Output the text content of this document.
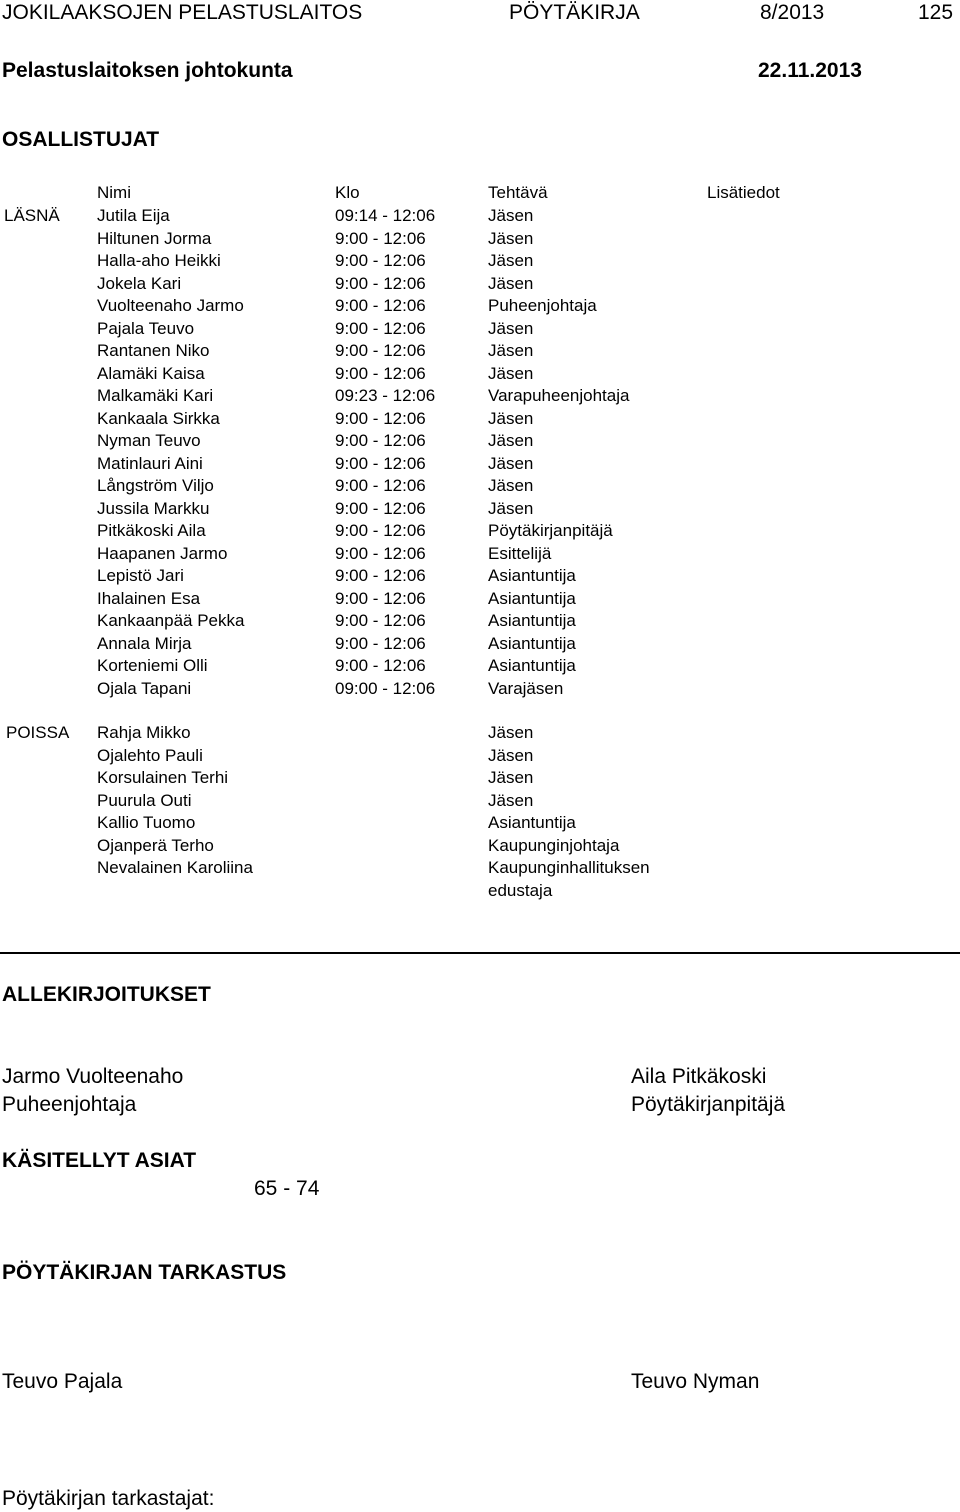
JOKILAAKSOJEN PELASTUSLAITOS	PÖYTÄKIRJA	8/2013	125
Pelastuslaitoksen johtokunta	22.11.2013
OSALLISTUJAT
Nimi	Klo	Tehtävä	Lisätiedot
LÄSNÄ Jutila Eija	09:14 - 12:06	Jäsen
Hiltunen Jorma	9:00 - 12:06	Jäsen
Halla-aho Heikki	9:00 - 12:06	Jäsen
Jokela Kari	9:00 - 12:06	Jäsen
Vuolteenaho Jarmo	9:00 - 12:06	Puheenjohtaja
Pajala Teuvo	9:00 - 12:06	Jäsen
Rantanen Niko	9:00 - 12:06	Jäsen
Alamäki Kaisa	9:00 - 12:06	Jäsen
Malkamäki Kari	09:23 - 12:06	Varapuheenjohtaja
Kankaala Sirkka	9:00 - 12:06	Jäsen
Nyman Teuvo	9:00 - 12:06	Jäsen
Matinlauri Aini	9:00 - 12:06	Jäsen
Långström Viljo	9:00 - 12:06	Jäsen
Jussila Markku	9:00 - 12:06	Jäsen
Pitkäkoski Aila	9:00 - 12:06	Pöytäkirjanpitäjä
Haapanen Jarmo	9:00 - 12:06	Esittelijä
Lepistö Jari	9:00 - 12:06	Asiantuntija
Ihalainen Esa	9:00 - 12:06	Asiantuntija
Kankaanpää Pekka	9:00 - 12:06	Asiantuntija
Annala Mirja	9:00 - 12:06	Asiantuntija
Korteniemi Olli	9:00 - 12:06	Asiantuntija
Ojala Tapani	09:00 - 12:06	Varajäsen
POISSA Rahja Mikko	Jäsen
Ojalehto Pauli	Jäsen
Korsulainen Terhi	Jäsen
Puurula Outi	Jäsen
Kallio Tuomo	Asiantuntija
Ojanperä Terho	Kaupunginjohtaja
Nevalainen Karoliina	Kaupunginhallituksen
edustaja
ALLEKIRJOITUKSET
Jarmo Vuolteenaho
Puheenjohtaja
Aila Pitkäkoski
Pöytäkirjanpitäjä
KÄSITELLYT ASIAT
65 - 74
PÖYTÄKIRJAN TARKASTUS
Teuvo Pajala	Teuvo Nyman
Pöytäkirjan tarkastajat:
